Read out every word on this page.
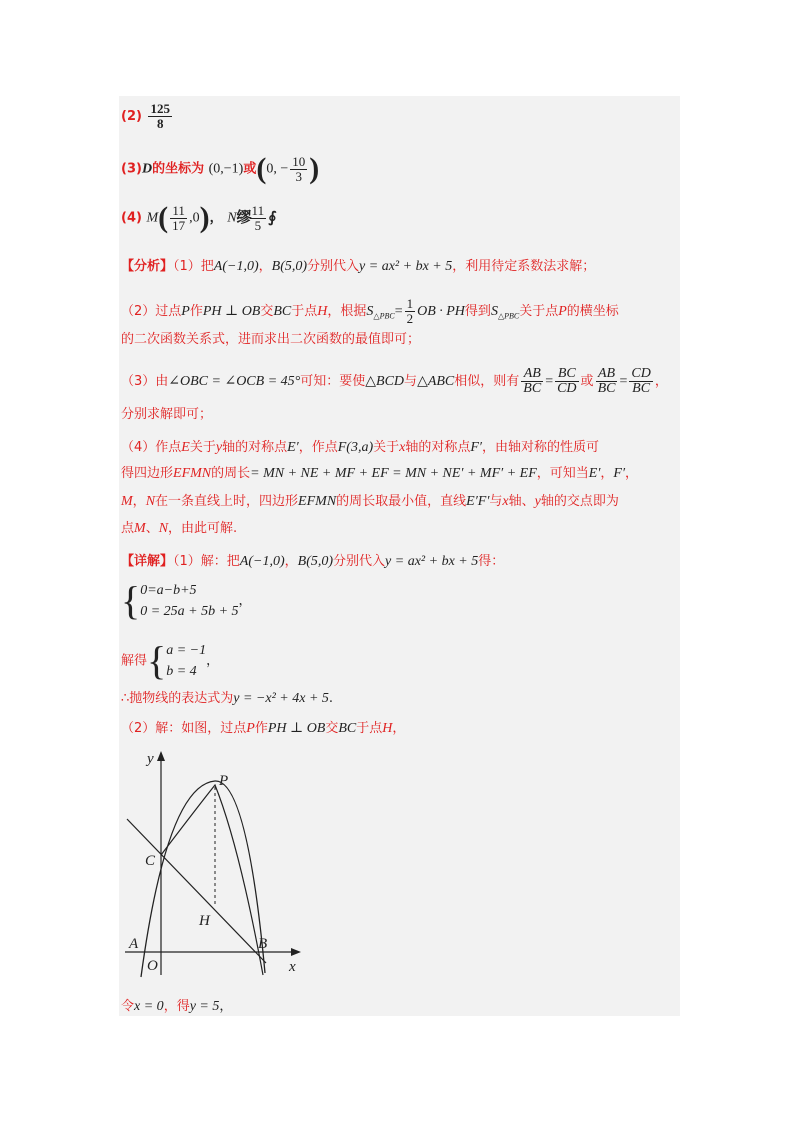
$(2) \frac{125}{8}$
(3)D的坐标为 (0,−1)或(0, − $\frac{10}{3}$ )
(4) $M( \frac{11}{17} ,0)$， N缪 $\frac{11}{5}$ ∮
【分析】（1）把A(−1,0)，B(5,0)分别代入y = ax² + bx + 5，利用待定系数法求解；
（2）过点P作PH ⊥ OB交BC于点H，根据$S_{\triangle PBC}= \frac{1}{2}$ OB · PH得到$S_{\triangle PBC}$关于点P的横坐标
的二次函数关系式，进而求出二次函数的最值即可；
（3）由∠OBC = ∠OCB = 45°可知：要使△BCD与△ABC相似，则有 $\frac{AB}{BC} = \frac{BC}{CD}$ 或 $\frac{AB}{BC} = \frac{CD}{BC}$ ，
分别求解即可；
（4）作点E关于y轴的对称点E′，作点F(3,a)关于x轴的对称点F′，由轴对称的性质可
得四边形EFMN的周长= MN + NE + MF + EF = MN + NE′ + MF′ + EF，可知当E′，F′，
M，N在一条直线上时，四边形EFMN的周长取最小值，直线E′F′与x轴、y轴的交点即为
点M、N，由此可解.
【详解】（1）解：把A(−1,0)，B(5,0)分别代入y = ax² + bx + 5得：
{ 0=a−b+5
0 = 25a + 5b + 5
，
解得{ a = −1
b = 4
，
∴抛物线的表达式为y = −x² + 4x + 5.
（2）解：如图，过点P作PH ⊥ OB交BC于点H，
y
x
P
C
H
A
O
B
令x = 0，得y = 5，
